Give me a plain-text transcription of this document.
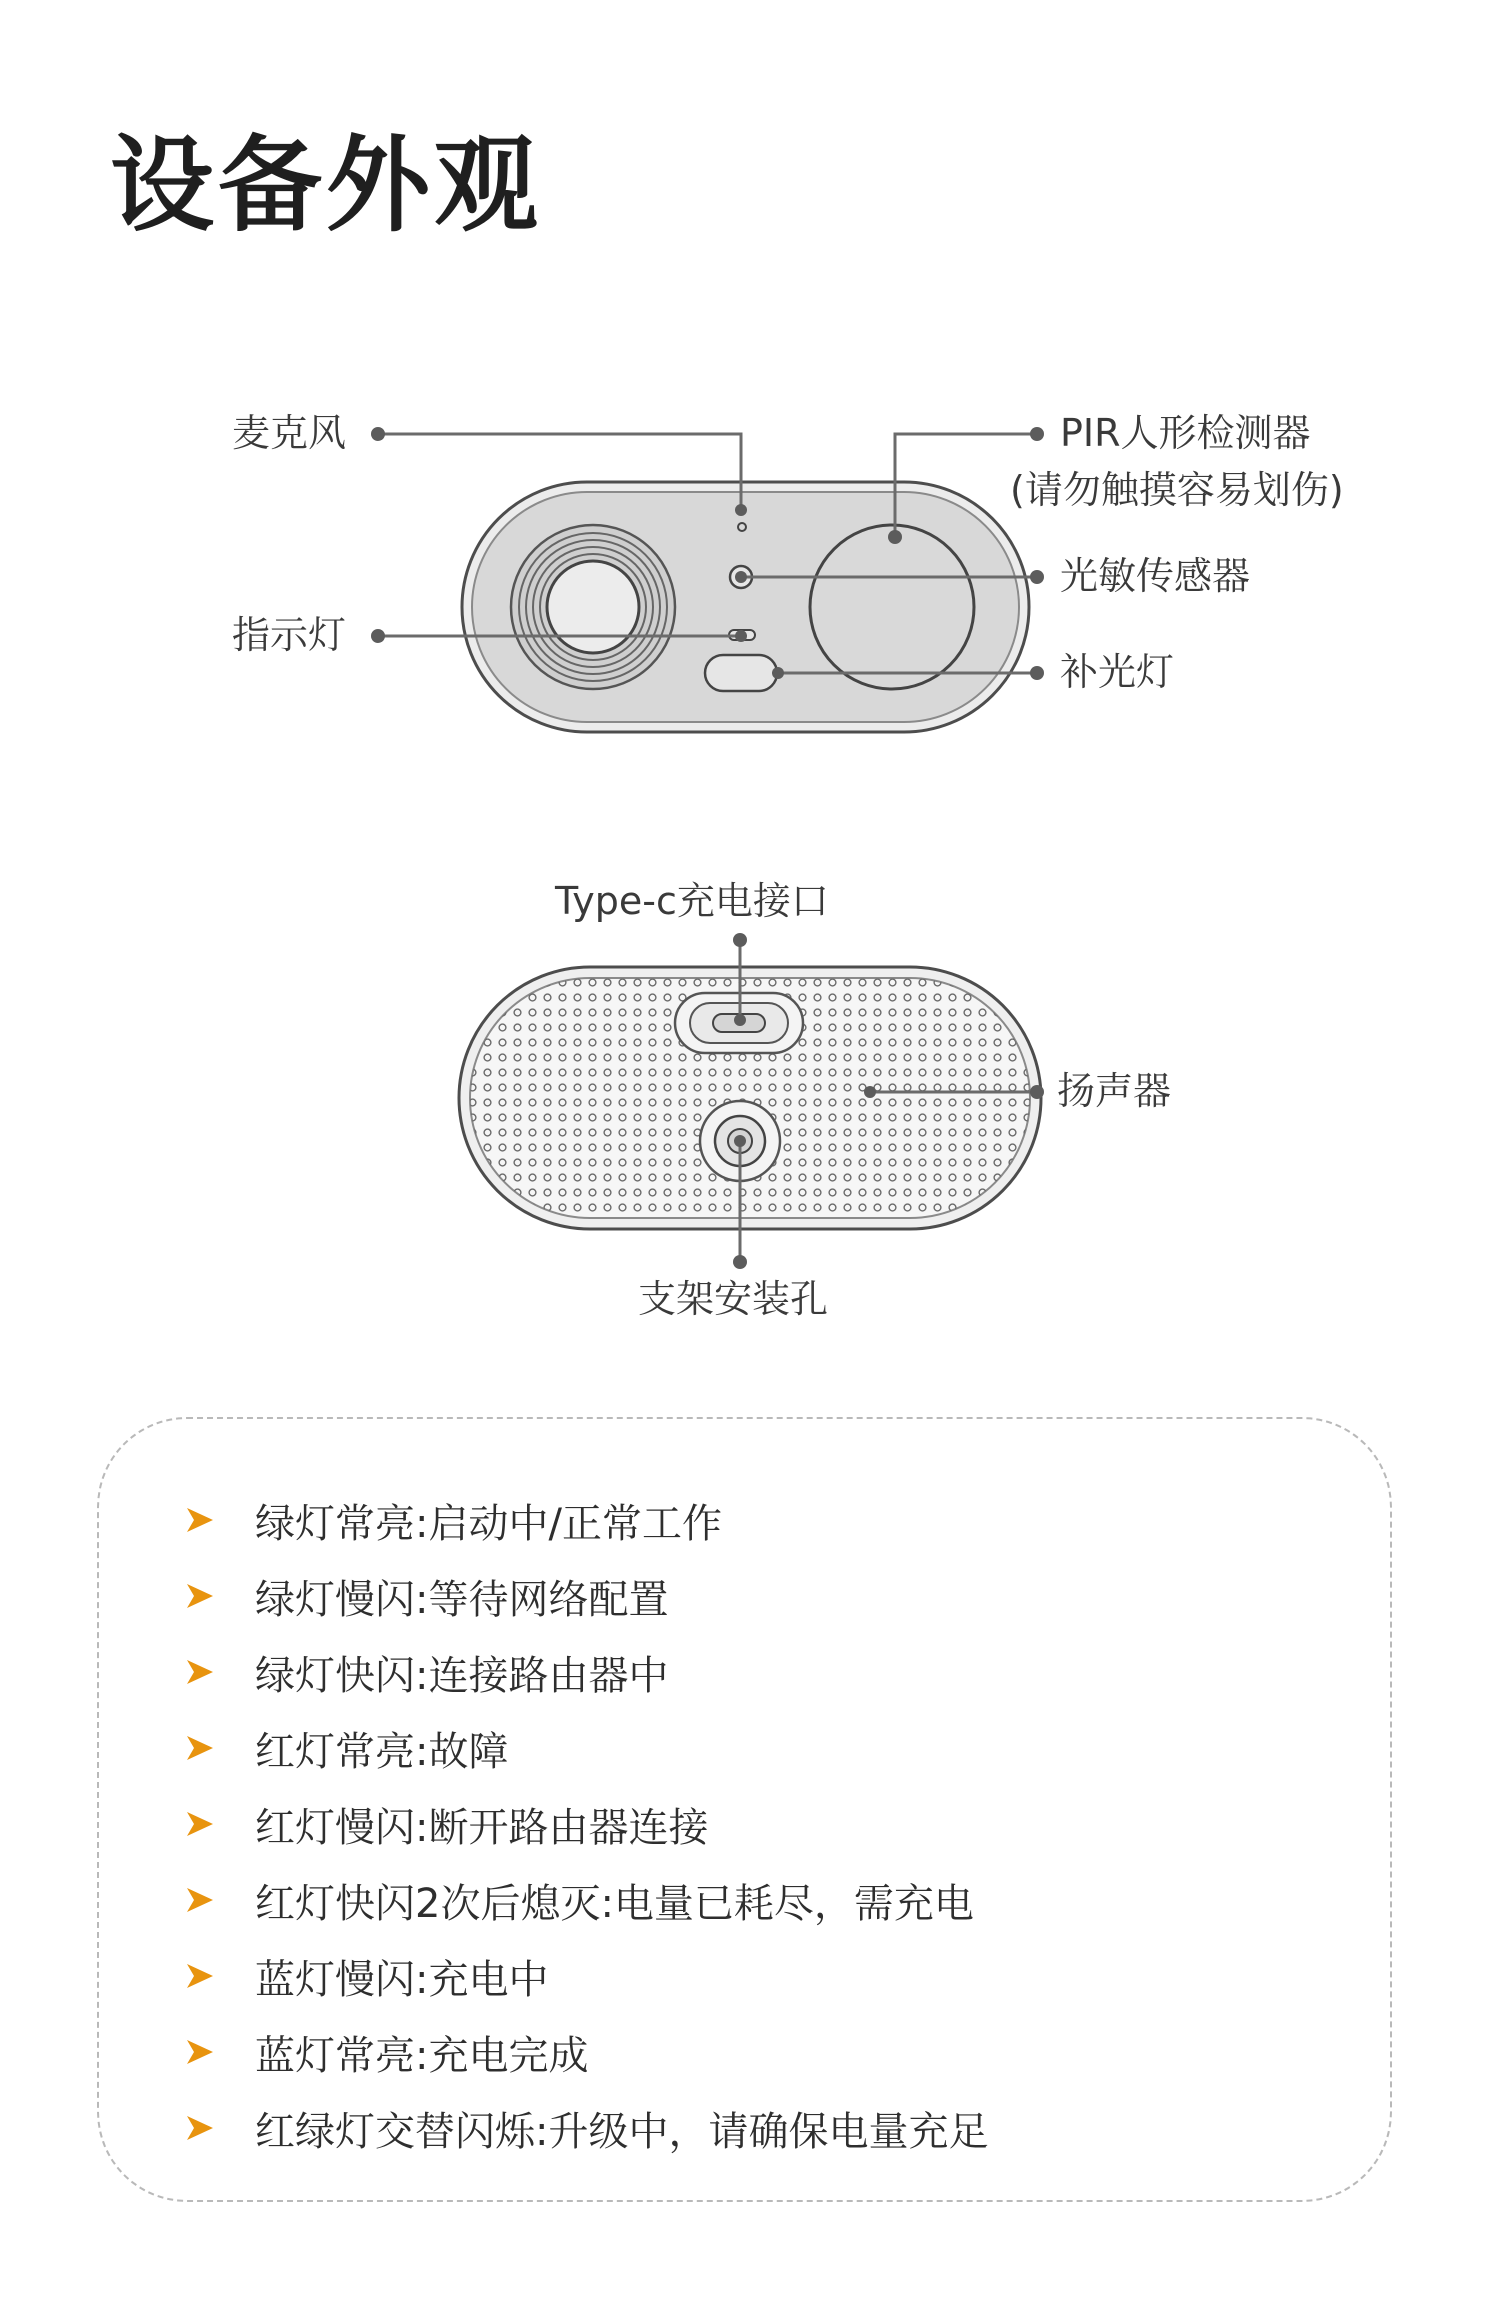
设备外观
麦克风
指示灯
PIR人形检测器
(请勿触摸容易划伤)
光敏传感器
补光灯
Type-c充电接口
扬声器
支架安装孔
绿灯常亮:启动中/正常工作
绿灯慢闪:等待网络配置
绿灯快闪:连接路由器中
红灯常亮:故障
红灯慢闪:断开路由器连接
红灯快闪2次后熄灭:电量已耗尽，需充电
蓝灯慢闪:充电中
蓝灯常亮:充电完成
红绿灯交替闪烁:升级中，请确保电量充足
